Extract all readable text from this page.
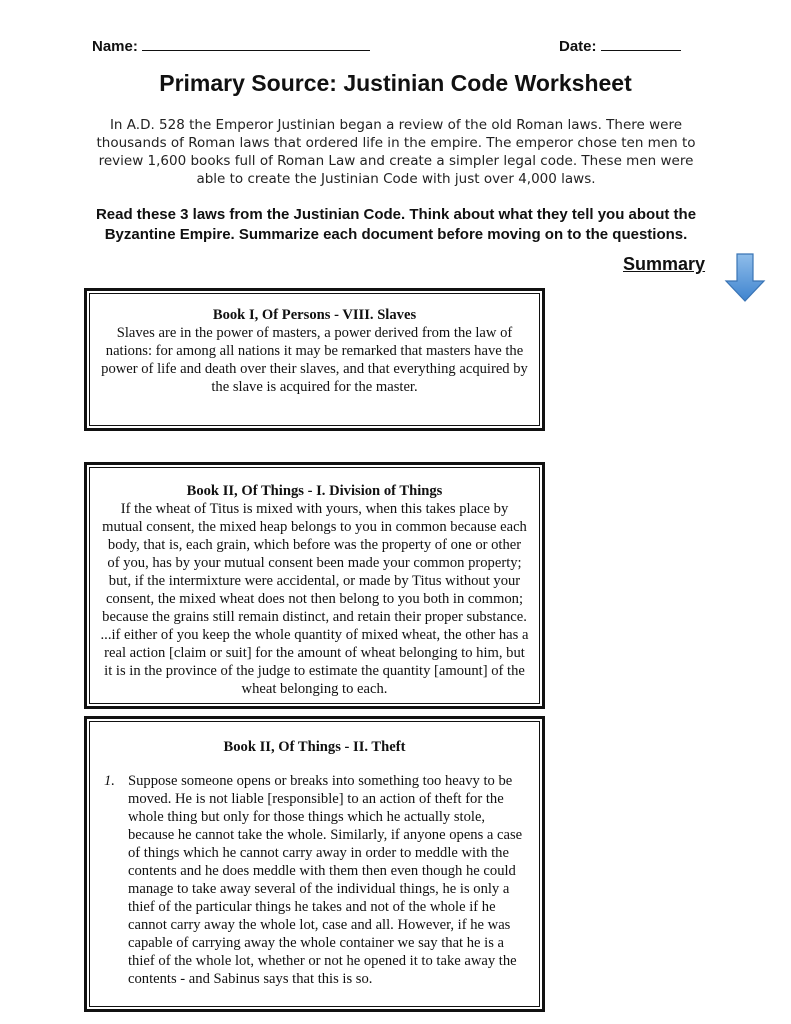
Name:	Date:
Primary Source: Justinian Code Worksheet
In A.D. 528 the Emperor Justinian began a review of the old Roman laws. There were thousands of Roman laws that ordered life in the empire. The emperor chose ten men to review 1,600 books full of Roman Law and create a simpler legal code. These men were able to create the Justinian Code with just over 4,000 laws.
Read these 3 laws from the Justinian Code. Think about what they tell you about the Byzantine Empire. Summarize each document before moving on to the questions.
Summary
Book I, Of Persons - VIII. Slaves
Slaves are in the power of masters, a power derived from the law of nations: for among all nations it may be remarked that masters have the power of life and death over their slaves, and that everything acquired by the slave is acquired for the master.
Book II, Of Things - I. Division of Things
If the wheat of Titus is mixed with yours, when this takes place by mutual consent, the mixed heap belongs to you in common because each body, that is, each grain, which before was the property of one or other of you, has by your mutual consent been made your common property; but, if the intermixture were accidental, or made by Titus without your consent, the mixed wheat does not then belong to you both in common; because the grains still remain distinct, and retain their proper substance. ...if either of you keep the whole quantity of mixed wheat, the other has a real action [claim or suit] for the amount of wheat belonging to him, but it is in the province of the judge to estimate the quantity [amount] of the wheat belonging to each.
Book II, Of Things - II. Theft
1. Suppose someone opens or breaks into something too heavy to be moved. He is not liable [responsible] to an action of theft for the whole thing but only for those things which he actually stole, because he cannot take the whole. Similarly, if anyone opens a case of things which he cannot carry away in order to meddle with the contents and he does meddle with them then even though he could manage to take away several of the individual things, he is only a thief of the particular things he takes and not of the whole if he cannot carry away the whole lot, case and all. However, if he was capable of carrying away the whole container we say that he is a thief of the whole lot, whether or not he opened it to take away the contents - and Sabinus says that this is so.
